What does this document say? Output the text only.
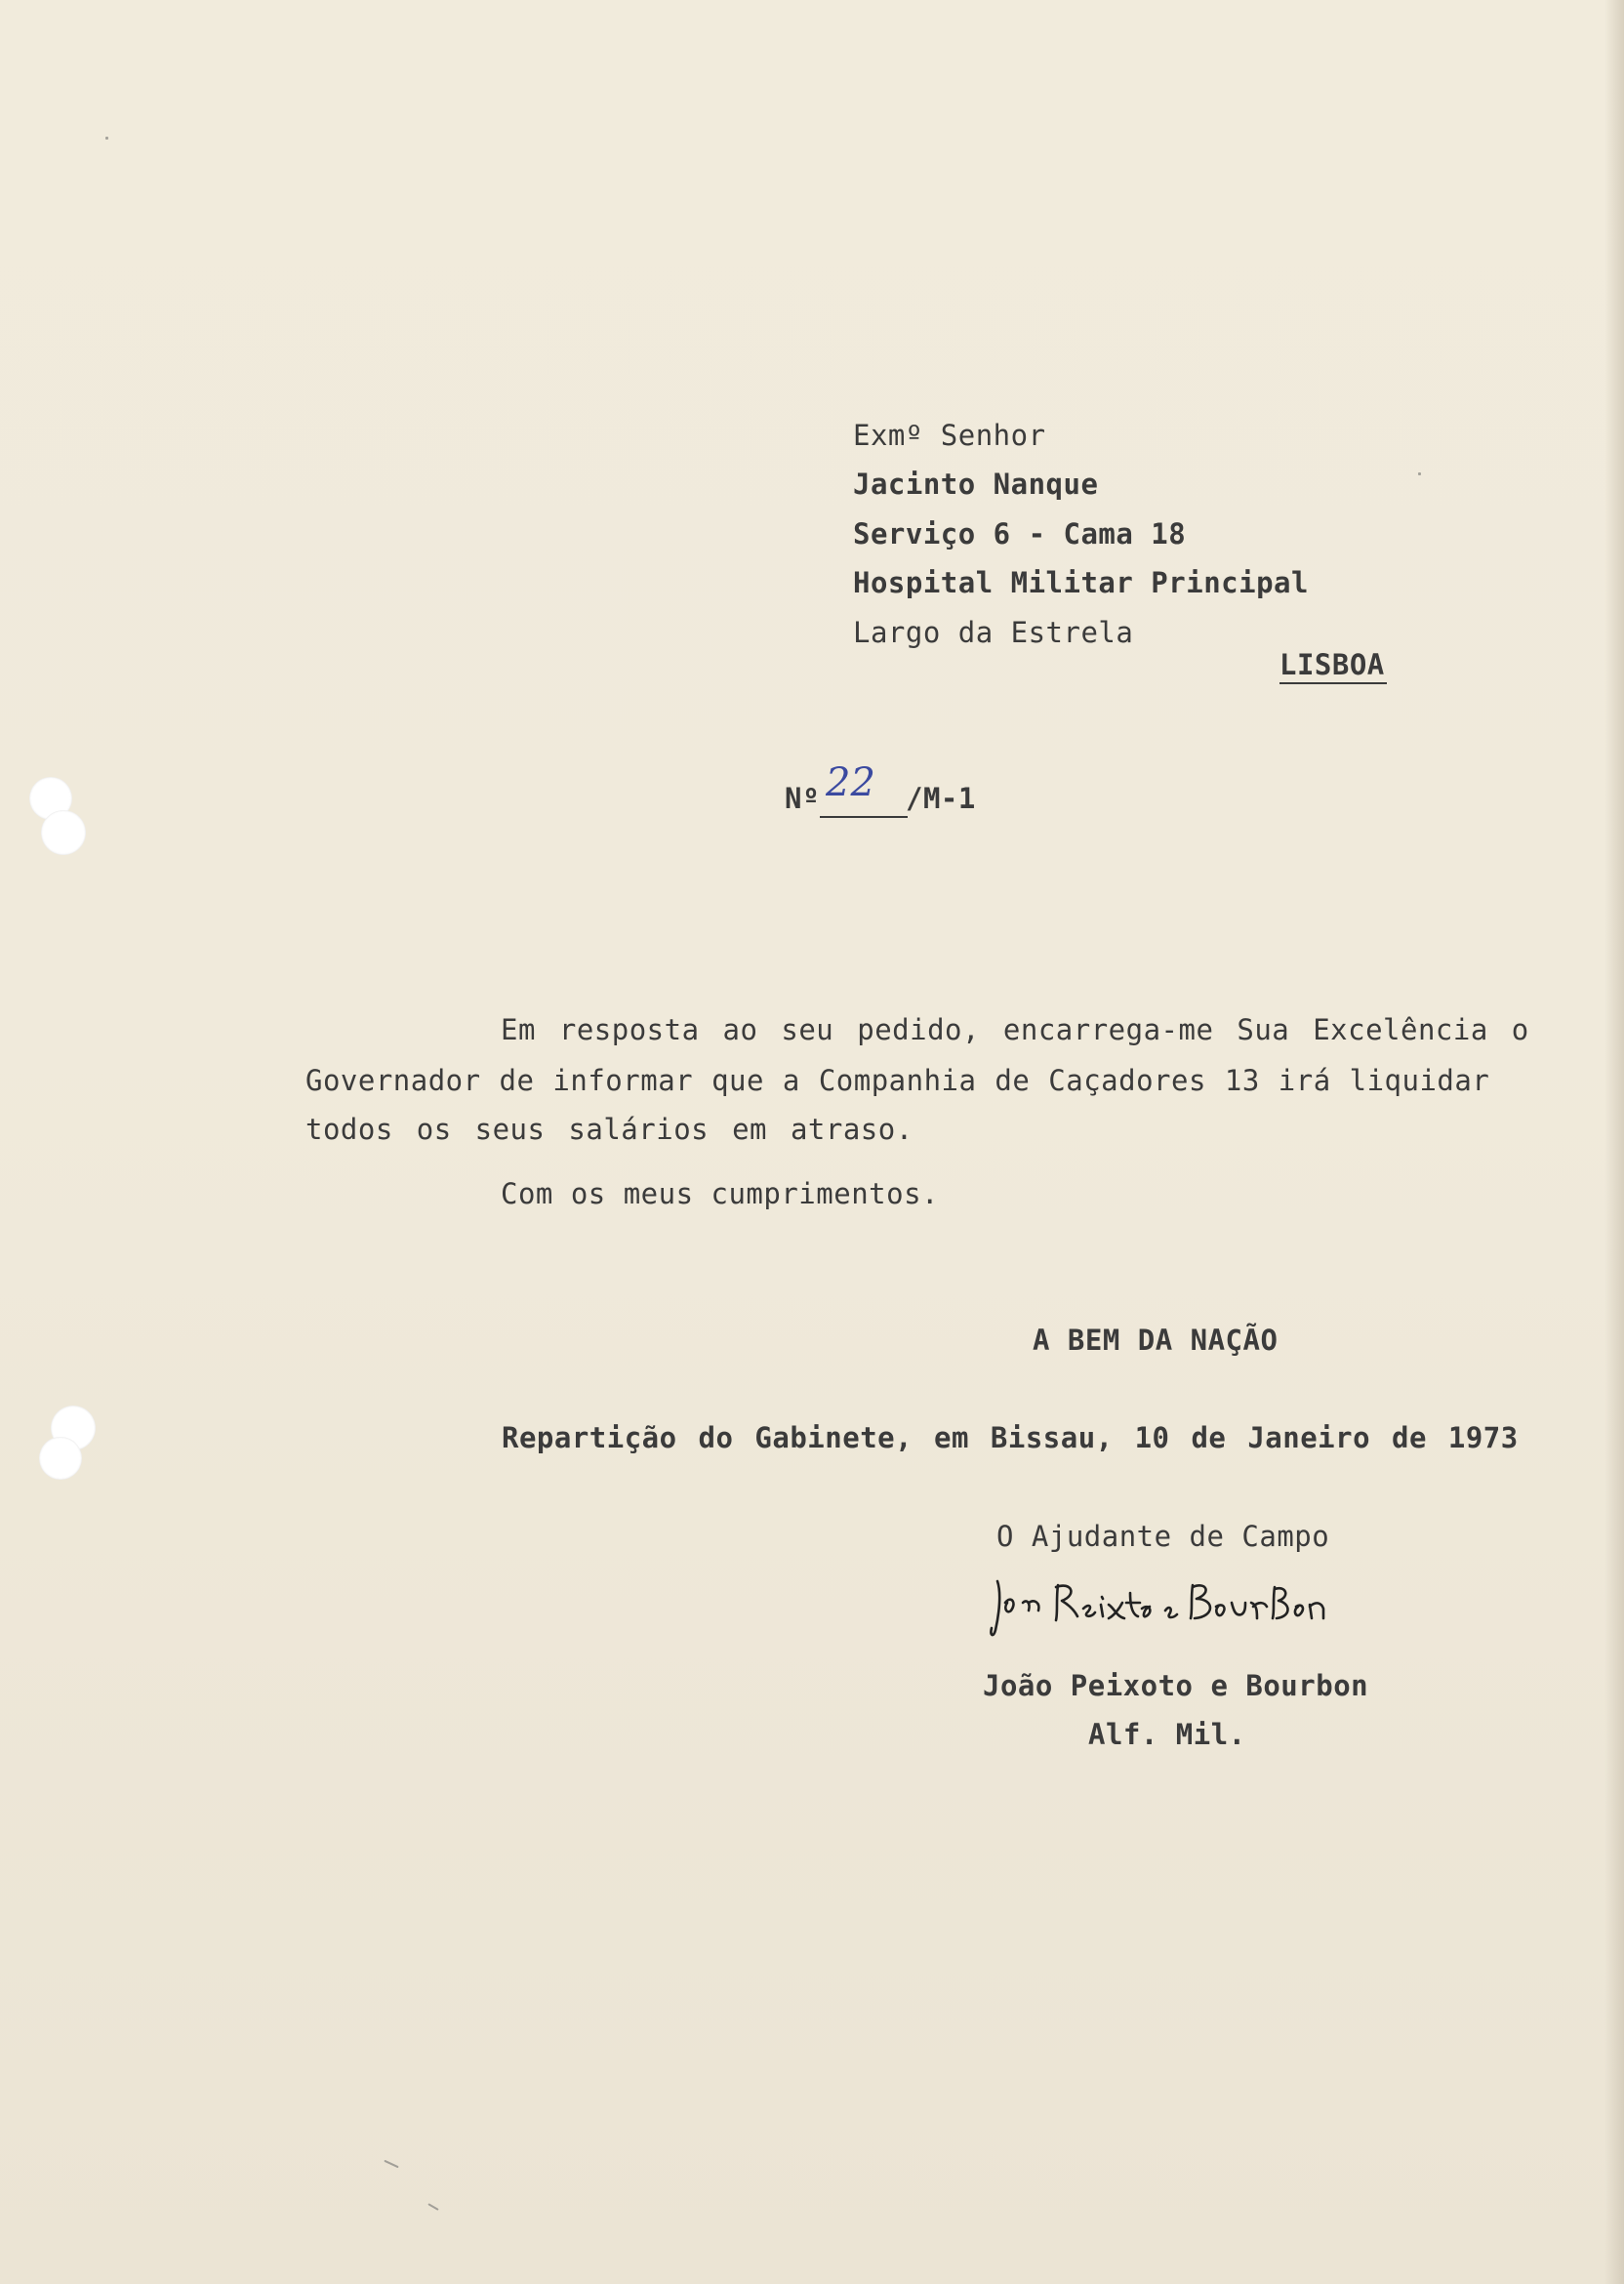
Exmº Senhor
Jacinto Nanque
Serviço 6 - Cama 18
Hospital Militar Principal
Largo da Estrela
LISBOA
Nº 22 /M-1
Em resposta ao seu pedido, encarrega-me Sua Excelência o
Governador de informar que a Companhia de Caçadores 13 irá liquidar
todos os seus salários em atraso.
Com os meus cumprimentos.
A BEM DA NAÇÃO
Repartição do Gabinete, em Bissau, 10 de Janeiro de 1973
O Ajudante de Campo
João Peixoto e Bourbon
Alf. Mil.
